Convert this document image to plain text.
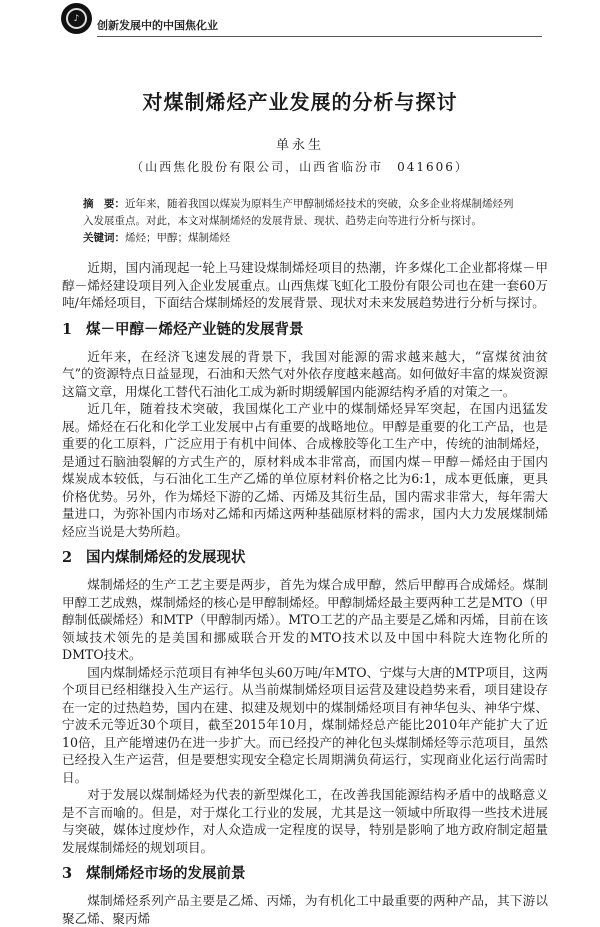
♪
创新发展中的中国焦化业
对煤制烯烃产业发展的分析与探讨
单永生
（山西焦化股份有限公司，山西省临汾市　041606）
摘　要：近年来，随着我国以煤炭为原料生产甲醇制烯烃技术的突破，众多企业将煤制烯烃列入发展重点。对此，本文对煤制烯烃的发展背景、现状、趋势走向等进行分析与探讨。
关键词：烯烃；甲醇；煤制烯烃

近期，国内涌现起一轮上马建设煤制烯烃项目的热潮，许多煤化工企业都将煤－甲醇－烯烃建设项目列入企业发展重点。山西焦煤飞虹化工股份有限公司也在建一套60万吨/年烯烃项目，下面结合煤制烯烃的发展背景、现状对未来发展趋势进行分析与探讨。

1 煤－甲醇－烯烃产业链的发展背景

近年来，在经济飞速发展的背景下，我国对能源的需求越来越大，“富煤贫油贫气”的资源特点日益显现，石油和天然气对外依存度越来越高。如何做好丰富的煤炭资源这篇文章，用煤化工替代石油化工成为新时期缓解国内能源结构矛盾的对策之一。

近几年，随着技术突破，我国煤化工产业中的煤制烯烃异军突起，在国内迅猛发展。烯烃在石化和化学工业发展中占有重要的战略地位。甲醇是重要的化工产品，也是重要的化工原料，广泛应用于有机中间体、合成橡胶等化工生产中，传统的油制烯烃，是通过石脑油裂解的方式生产的，原材料成本非常高，而国内煤－甲醇－烯烃由于国内煤炭成本较低，与石油化工生产乙烯的单位原材料价格之比为6:1，成本更低廉，更具价格优势。另外，作为烯烃下游的乙烯、丙烯及其衍生品，国内需求非常大，每年需大量进口，为弥补国内市场对乙烯和丙烯这两种基础原材料的需求，国内大力发展煤制烯烃应当说是大势所趋。

2 国内煤制烯烃的发展现状

煤制烯烃的生产工艺主要是两步，首先为煤合成甲醇，然后甲醇再合成烯烃。煤制甲醇工艺成熟，煤制烯烃的核心是甲醇制烯烃。甲醇制烯烃最主要两种工艺是MTO（甲醇制低碳烯烃）和MTP（甲醇制丙烯）。MTO工艺的产品主要是乙烯和丙烯，目前在该领域技术领先的是美国和挪威联合开发的MTO技术以及中国中科院大连物化所的DMTO技术。

国内煤制烯烃示范项目有神华包头60万吨/年MTO、宁煤与大唐的MTP项目，这两个项目已经相继投入生产运行。从当前煤制烯烃项目运营及建设趋势来看，项目建设存在一定的过热趋势，国内在建、拟建及规划中的煤制烯烃项目有神华包头、神华宁煤、宁波禾元等近30个项目，截至2015年10月，煤制烯烃总产能比2010年产能扩大了近10倍，且产能增速仍在进一步扩大。而已经投产的神化包头煤制烯烃等示范项目，虽然已经投入生产运营，但是要想实现安全稳定长周期满负荷运行，实现商业化运行尚需时日。

对于发展以煤制烯烃为代表的新型煤化工，在改善我国能源结构矛盾中的战略意义是不言而喻的。但是，对于煤化工行业的发展，尤其是这一领域中所取得一些技术进展与突破，媒体过度炒作，对人众造成一定程度的误导，特别是影响了地方政府制定超量发展煤制烯烃的规划项目。

3 煤制烯烃市场的发展前景

煤制烯烃系列产品主要是乙烯、丙烯，为有机化工中最重要的两种产品，其下游以聚乙烯、聚丙烯
